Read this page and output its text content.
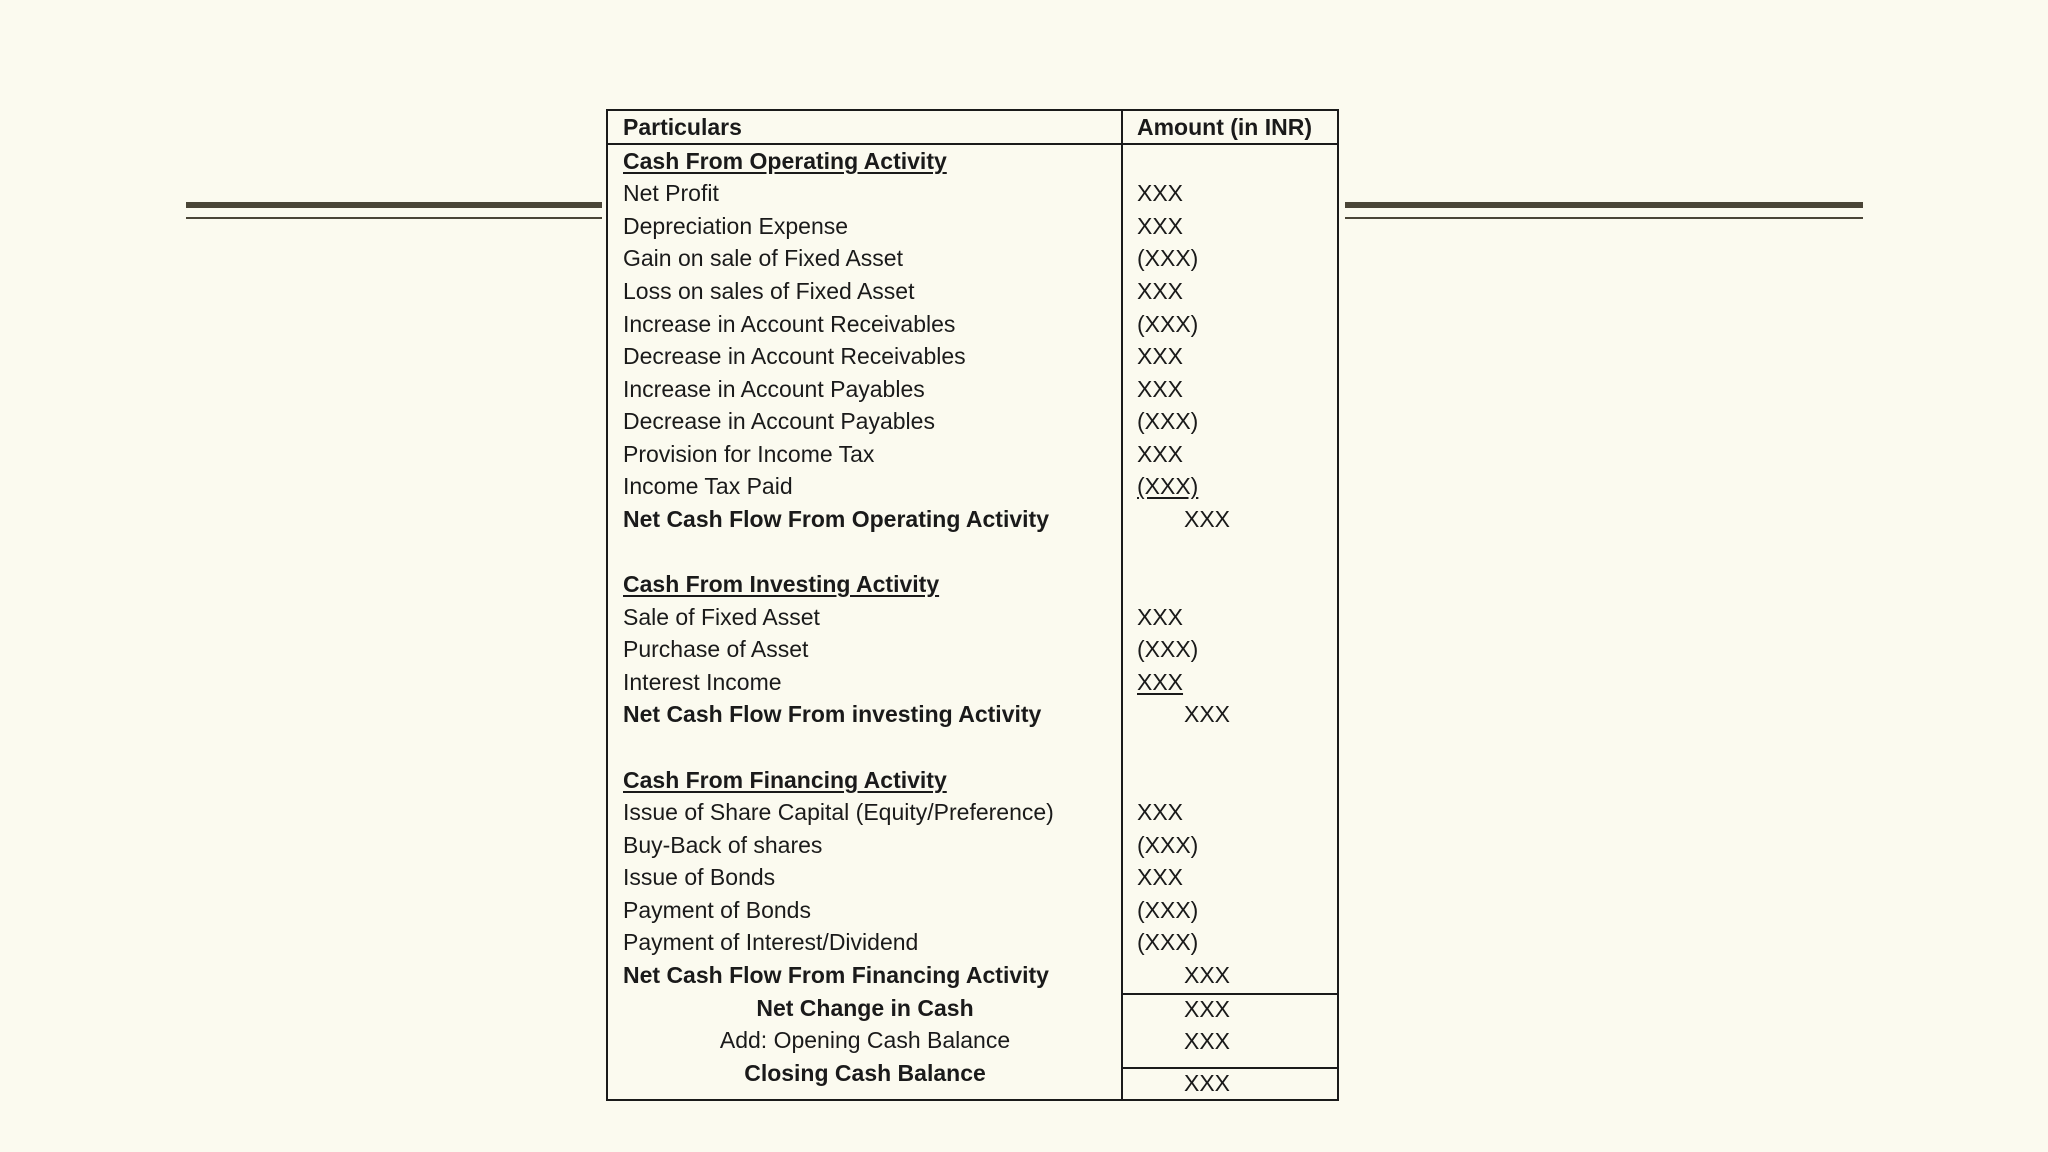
Particulars	Amount (in INR)
Cash From Operating Activity
Net Profit	XXX
Depreciation Expense	XXX
Gain on sale of Fixed Asset	(XXX)
Loss on sales of Fixed Asset	XXX
Increase in Account Receivables	(XXX)
Decrease in Account Receivables	XXX
Increase in Account Payables	XXX
Decrease in Account Payables	(XXX)
Provision for Income Tax	XXX
Income Tax Paid	(XXX)
Net Cash Flow From Operating Activity	XXX
Cash From Investing Activity
Sale of Fixed Asset	XXX
Purchase of Asset	(XXX)
Interest Income	XXX
Net Cash Flow From investing Activity	XXX
Cash From Financing Activity
Issue of Share Capital (Equity/Preference)	XXX
Buy-Back of shares	(XXX)
Issue of Bonds	XXX
Payment of Bonds	(XXX)
Payment of Interest/Dividend	(XXX)
Net Cash Flow From Financing Activity	XXX
Net Change in Cash	XXX
Add: Opening Cash Balance	XXX
Closing Cash Balance	XXX
